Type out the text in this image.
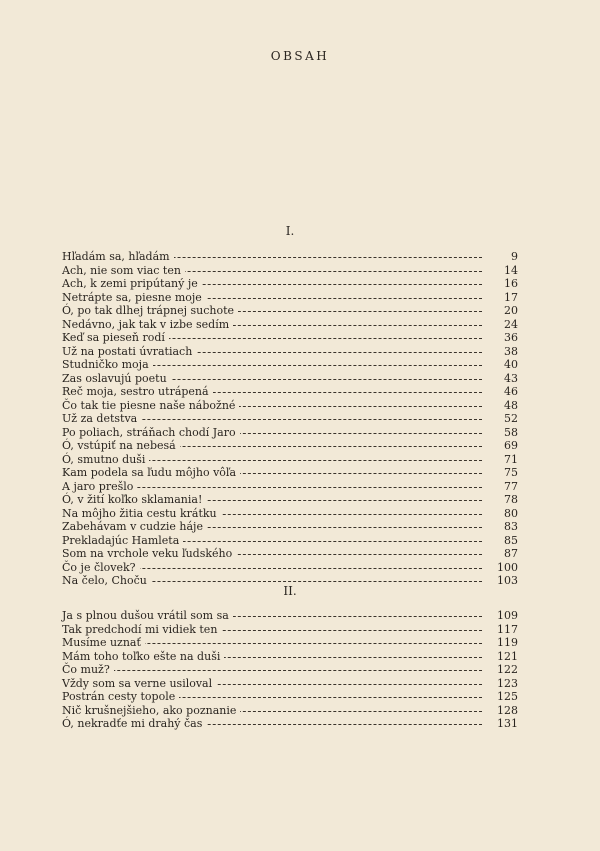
OBSAH
I.
Hľadám sa, hľadám	9
Ach, nie som viac ten	14
Ach, k zemi pripútaný je	16
Netrápte sa, piesne moje	17
Ó, po tak dlhej trápnej suchote	20
Nedávno, jak tak v izbe sedím	24
Keď sa pieseň rodí	36
Už na postati úvratiach	38
Studničko moja	40
Zas oslavujú poetu	43
Reč moja, sestro utrápená	46
Čo tak tie piesne naše nábožné	48
Už za detstva	52
Po poliach, stráňach chodí Jaro	58
Ó, vstúpiť na nebesá	69
Ó, smutno duši	71
Kam podela sa ľudu môjho vôľa	75
A jaro prešlo	77
Ó, v žití koľko sklamania!	78
Na môjho žitia cestu krátku	80
Zabehávam v cudzie háje	83
Prekladajúc Hamleta	85
Som na vrchole veku ľudského	87
Čo je človek?	100
Na čelo, Choču	103
II.
Ja s plnou dušou vrátil som sa	109
Tak predchodí mi vidiek ten	117
Musíme uznať	119
Mám toho toľko ešte na duši	121
Čo muž?	122
Vždy som sa verne usiloval	123
Postrán cesty topole	125
Nič krušnejšieho, ako poznanie	128
Ó, nekradťe mi drahý čas	131
